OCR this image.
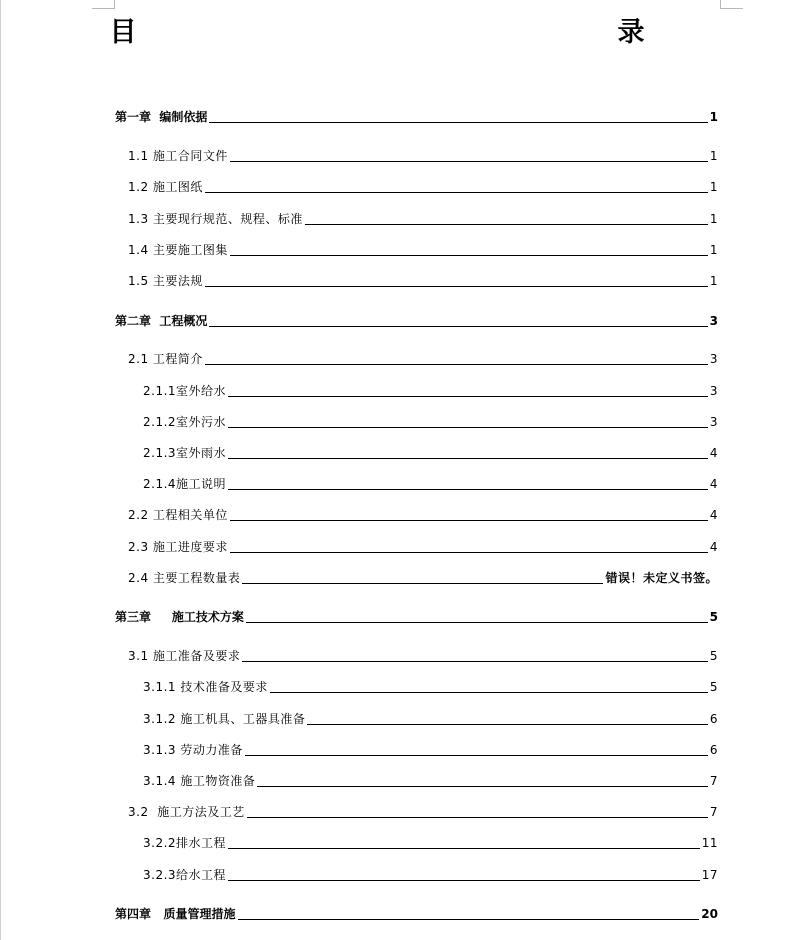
目　　　录
第一章  编制依据	1
1.1 施工合同文件	1
1.2 施工图纸	1
1.3 主要现行规范、规程、标准	1
1.4 主要施工图集	1
1.5 主要法规	1
第二章  工程概况	3
2.1 工程简介	3
2.1.1室外给水	3
2.1.2室外污水	3
2.1.3室外雨水	4
2.1.4施工说明	4
2.2 工程相关单位	4
2.3 施工进度要求	4
2.4 主要工程数量表	错误！未定义书签。
第三章     施工技术方案	5
3.1 施工准备及要求	5
3.1.1 技术准备及要求	5
3.1.2 施工机具、工器具准备	6
3.1.3 劳动力准备	6
3.1.4 施工物资准备	7
3.2  施工方法及工艺	7
3.2.2排水工程	11
3.2.3给水工程	17
第四章   质量管理措施	20
